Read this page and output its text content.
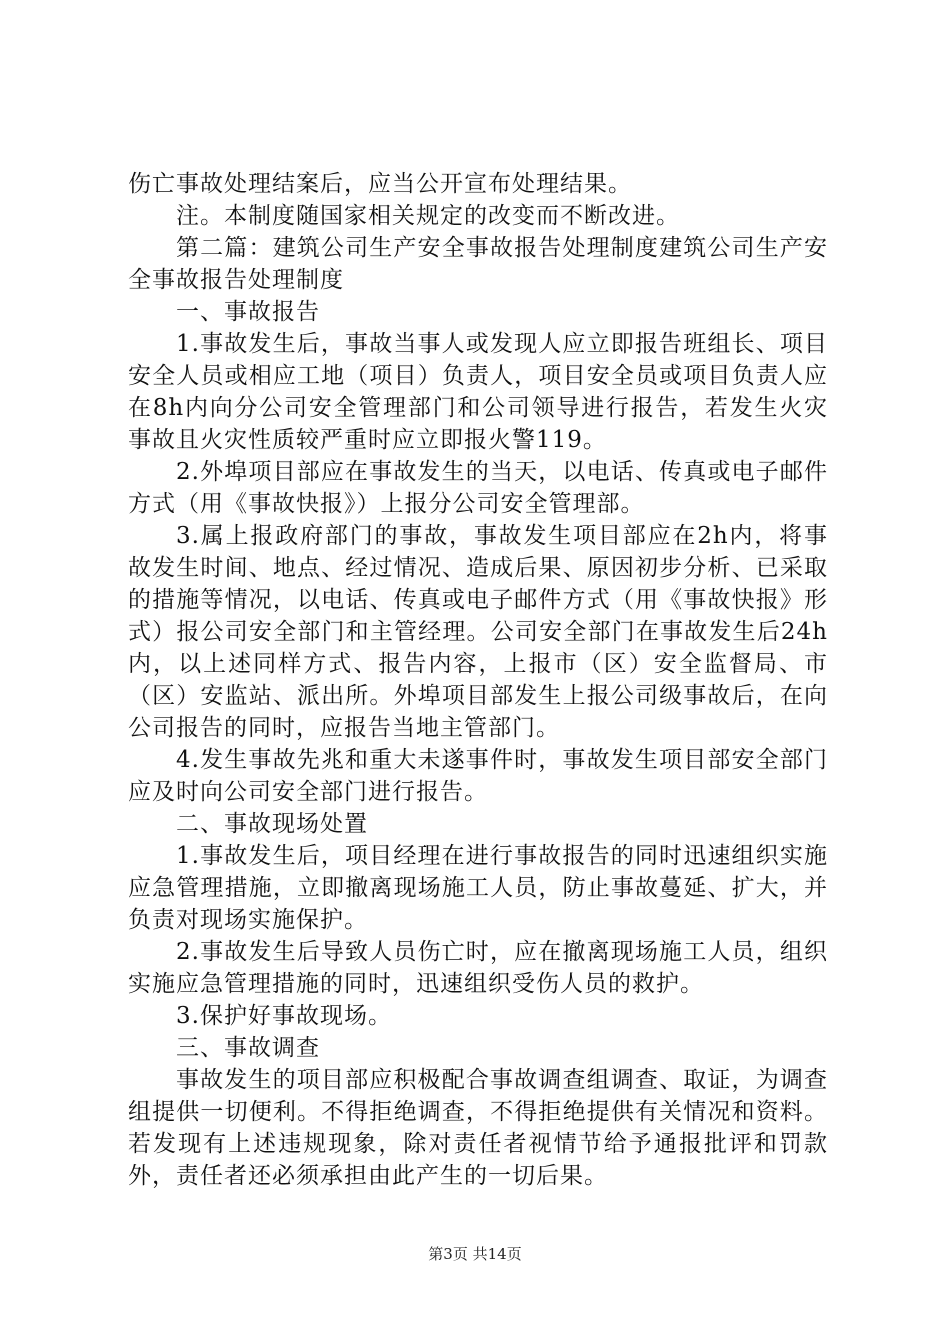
伤亡事故处理结案后，应当公开宣布处理结果。

注。本制度随国家相关规定的改变而不断改进。

第二篇：建筑公司生产安全事故报告处理制度建筑公司生产安全事故报告处理制度

一、事故报告

1.事故发生后，事故当事人或发现人应立即报告班组长、项目安全人员或相应工地（项目）负责人，项目安全员或项目负责人应在8h内向分公司安全管理部门和公司领导进行报告，若发生火灾事故且火灾性质较严重时应立即报火警119。

2.外埠项目部应在事故发生的当天，以电话、传真或电子邮件方式（用《事故快报》）上报分公司安全管理部。

3.属上报政府部门的事故，事故发生项目部应在2h内，将事故发生时间、地点、经过情况、造成后果、原因初步分析、已采取的措施等情况，以电话、传真或电子邮件方式（用《事故快报》形式）报公司安全部门和主管经理。公司安全部门在事故发生后24h内，以上述同样方式、报告内容，上报市（区）安全监督局、市（区）安监站、派出所。外埠项目部发生上报公司级事故后，在向公司报告的同时，应报告当地主管部门。

4.发生事故先兆和重大未遂事件时，事故发生项目部安全部门应及时向公司安全部门进行报告。

二、事故现场处置

1.事故发生后，项目经理在进行事故报告的同时迅速组织实施应急管理措施，立即撤离现场施工人员，防止事故蔓延、扩大，并负责对现场实施保护。

2.事故发生后导致人员伤亡时，应在撤离现场施工人员，组织实施应急管理措施的同时，迅速组织受伤人员的救护。

3.保护好事故现场。

三、事故调查

事故发生的项目部应积极配合事故调查组调查、取证，为调查组提供一切便利。不得拒绝调查，不得拒绝提供有关情况和资料。若发现有上述违规现象，除对责任者视情节给予通报批评和罚款外，责任者还必须承担由此产生的一切后果。

第3页 共14页
